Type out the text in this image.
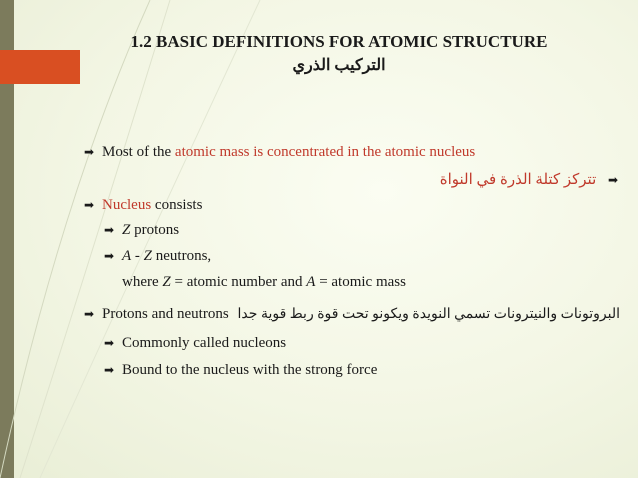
1.2 BASIC DEFINITIONS FOR ATOMIC STRUCTURE
التركيب الذري
➡ Most of the atomic mass is concentrated in the atomic nucleus
➡ تتركز كتلة الذرة في النواة
➡ Nucleus consists
➡ Z protons
➡ A - Z neutrons,
where Z = atomic number and A = atomic mass
➡ Protons and neutrons البروتونات والنيترونات تسمي النويدة ويكونو تحت قوة ربط قوية جدا
➡ Commonly called nucleons
➡ Bound to the nucleus with the strong force
